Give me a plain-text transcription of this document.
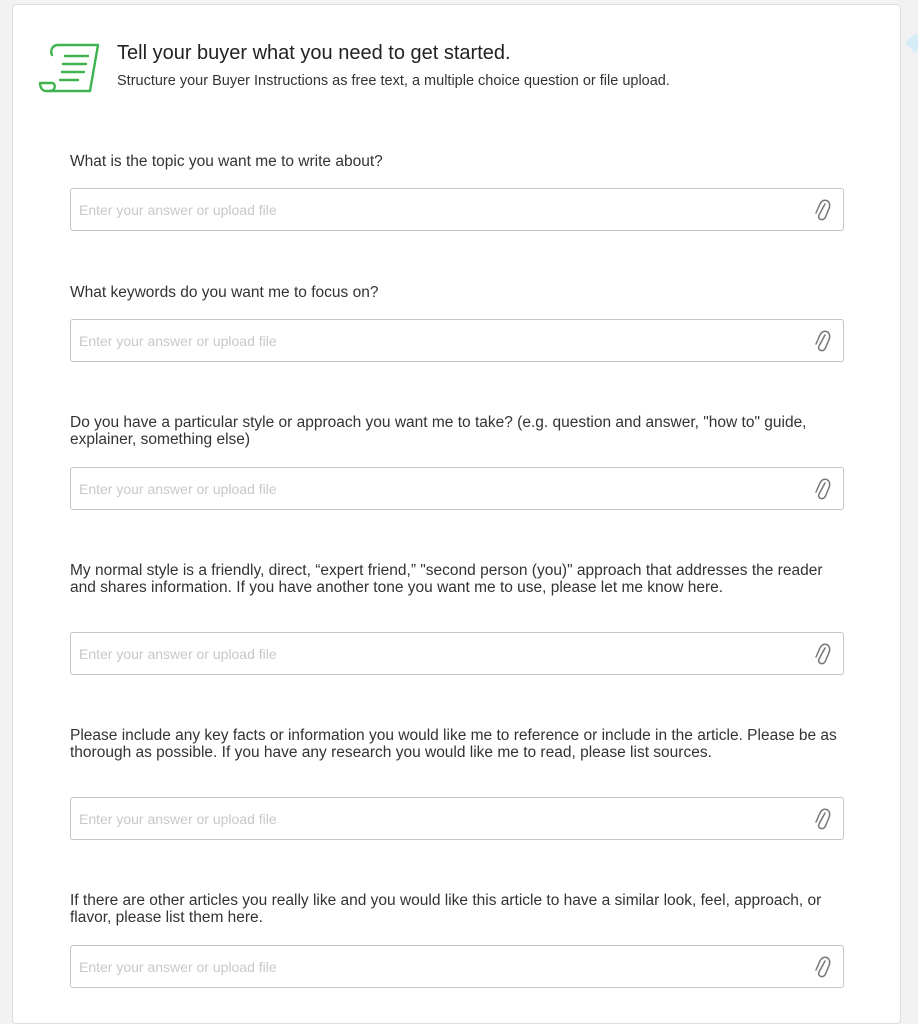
Tell your buyer what you need to get started.

Structure your Buyer Instructions as free text, a multiple choice question or file upload.

What is the topic you want me to write about?

Enter your answer or upload file

What keywords do you want me to focus on?

Enter your answer or upload file

Do you have a particular style or approach you want me to take? (e.g. question and answer, "how to" guide, explainer, something else)

Enter your answer or upload file

My normal style is a friendly, direct, “expert friend,” "second person (you)" approach that addresses the reader and shares information. If you have another tone you want me to use, please let me know here.

Enter your answer or upload file

Please include any key facts or information you would like me to reference or include in the article. Please be as thorough as possible. If you have any research you would like me to read, please list sources.

Enter your answer or upload file

If there are other articles you really like and you would like this article to have a similar look, feel, approach, or flavor, please list them here.

Enter your answer or upload file
